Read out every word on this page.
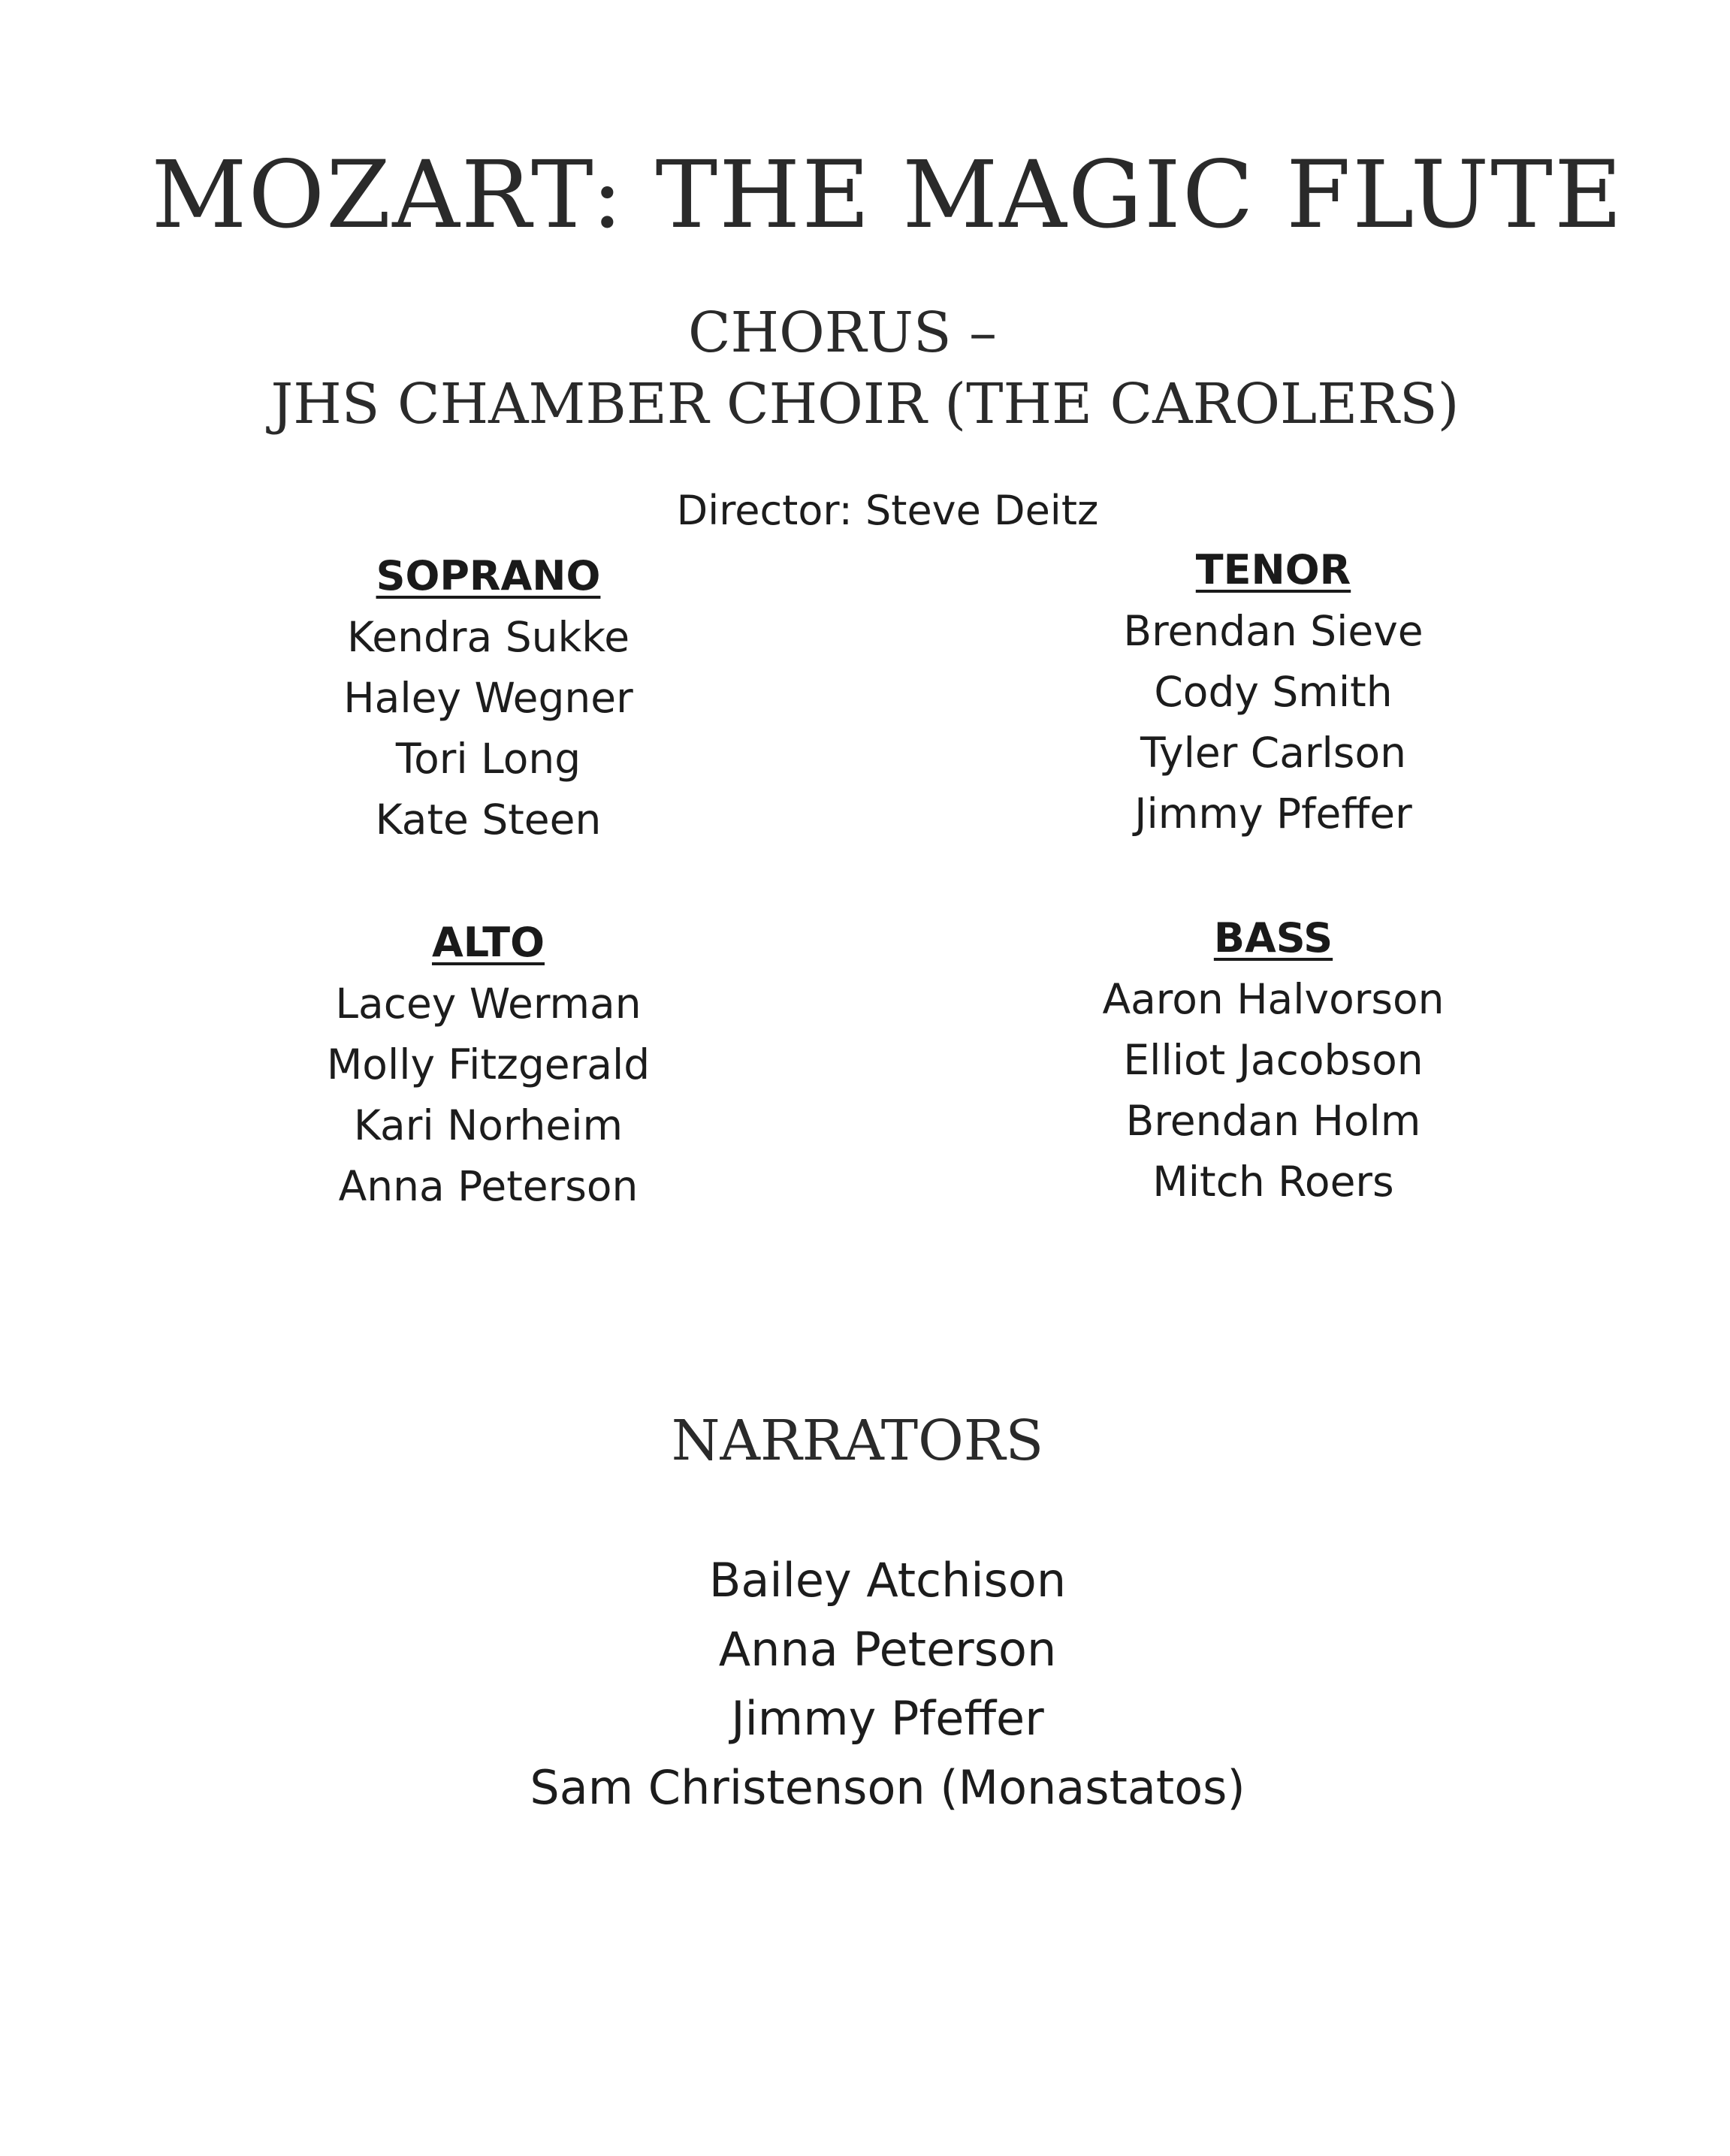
MOZART: THE MAGIC FLUTE
CHORUS –
JHS CHAMBER CHOIR (THE CAROLERS)
Director: Steve Deitz
SOPRANO
Kendra Sukke
Haley Wegner
Tori Long
Kate Steen
TENOR
Brendan Sieve
Cody Smith
Tyler Carlson
Jimmy Pfeffer
ALTO
Lacey Werman
Molly Fitzgerald
Kari Norheim
Anna Peterson
BASS
Aaron Halvorson
Elliot Jacobson
Brendan Holm
Mitch Roers
NARRATORS
Bailey Atchison
Anna Peterson
Jimmy Pfeffer
Sam Christenson (Monastatos)
